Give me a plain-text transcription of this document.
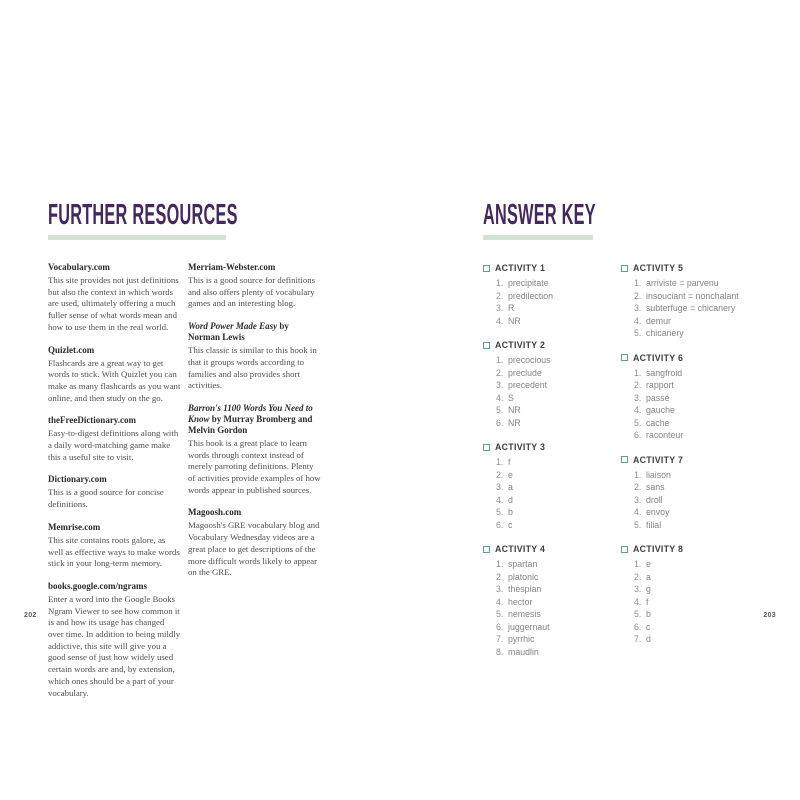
FURTHER RESOURCES
Vocabulary.com
This site provides not just definitions but also the context in which words are used, ultimately offering a much fuller sense of what words mean and how to use them in the real world.
Quizlet.com
Flashcards are a great way to get words to stick. With Quizlet you can make as many flashcards as you want online, and then study on the go.
theFreeDictionary.com
Easy-to-digest definitions along with a daily word-matching game make this a useful site to visit.
Dictionary.com
This is a good source for concise definitions.
Memrise.com
This site contains roots galore, as well as effective ways to make words stick in your long-term memory.
books.google.com/ngrams
Enter a word into the Google Books Ngram Viewer to see how common it is and how its usage has changed over time. In addition to being mildly addictive, this site will give you a good sense of just how widely used certain words are and, by extension, which ones should be a part of your vocabulary.
Merriam-Webster.com
This is a good source for definitions and also offers plenty of vocabulary games and an interesting blog.
Word Power Made Easy by Norman Lewis
This classic is similar to this book in that it groups words according to families and also provides short activities.
Barron's 1100 Words You Need to Know by Murray Bromberg and Melvin Gordon
This book is a great place to learn words through context instead of merely parroting definitions. Plenty of activities provide examples of how words appear in published sources.
Magoosh.com
Magoosh's GRE vocabulary blog and Vocabulary Wednesday videos are a great place to get descriptions of the more difficult words likely to appear on the GRE.
202
ANSWER KEY
ACTIVITY 1
1. precipitate
2. predilection
3. R
4. NR
ACTIVITY 2
1. precocious
2. preclude
3. precedent
4. S
5. NR
6. NR
ACTIVITY 3
1. f
2. e
3. a
4. d
5. b
6. c
ACTIVITY 4
1. spartan
2. platonic
3. thespian
4. hector
5. nemesis
6. juggernaut
7. pyrrhic
8. maudlin
ACTIVITY 5
1. arriviste = parvenu
2. insouciant = nonchalant
3. subterfuge = chicanery
4. demur
5. chicanery
ACTIVITY 6
1. sangfroid
2. rapport
3. passé
4. gauche
5. cache
6. raconteur
ACTIVITY 7
1. liaison
2. sans
3. droll
4. envoy
5. filial
ACTIVITY 8
1. e
2. a
3. g
4. f
5. b
6. c
7. d
203
